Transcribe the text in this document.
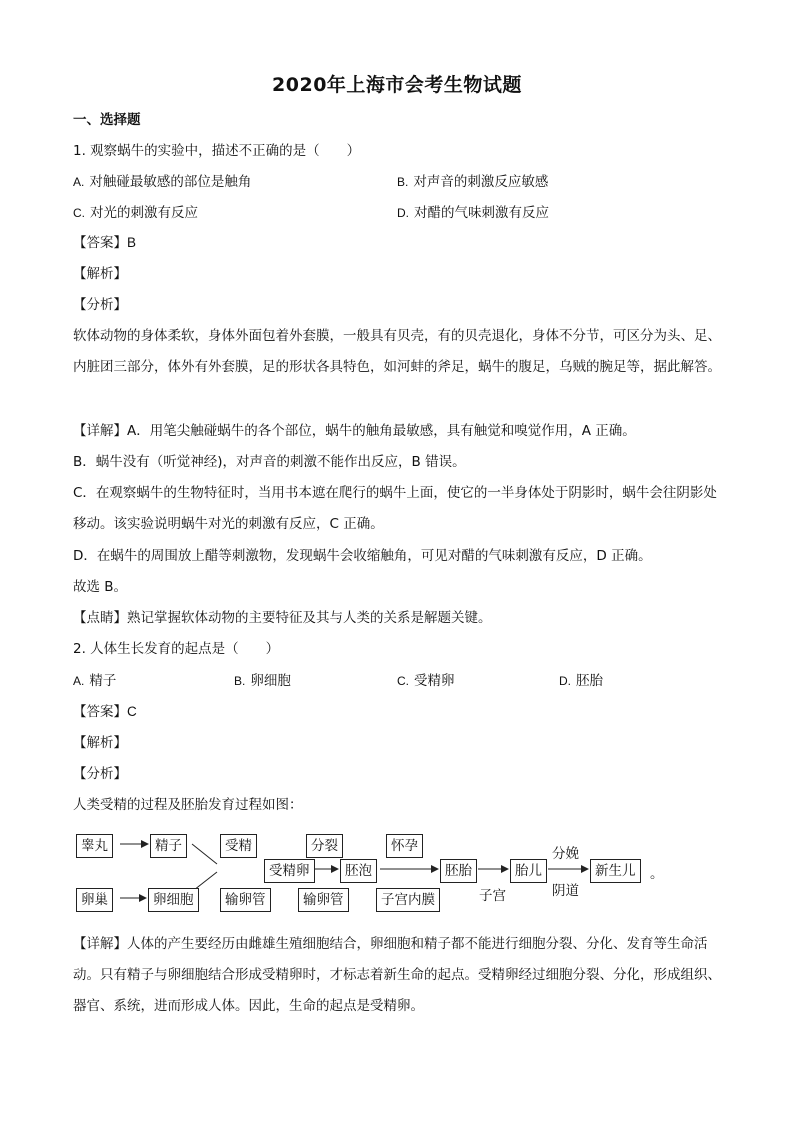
2020年上海市会考生物试题
一、选择题
1. 观察蜗牛的实验中，描述不正确的是（　　）
A. 对触碰最敏感的部位是触角	B. 对声音的刺激反应敏感
C. 对光的刺激有反应	D. 对醋的气味刺激有反应
【答案】B
【解析】
【分析】
软体动物的身体柔软，身体外面包着外套膜，一般具有贝壳，有的贝壳退化，身体不分节，可区分为头、足、内脏团三部分，体外有外套膜，足的形状各具特色，如河蚌的斧足，蜗牛的腹足，乌贼的腕足等，据此解答。
【详解】A．用笔尖触碰蜗牛的各个部位，蜗牛的触角最敏感，具有触觉和嗅觉作用，A 正确。
B．蜗牛没有（听觉神经)，对声音的刺激不能作出反应，B 错误。
C．在观察蜗牛的生物特征时，当用书本遮在爬行的蜗牛上面，使它的一半身体处于阴影时，蜗牛会往阴影处移动。该实验说明蜗牛对光的刺激有反应，C 正确。
D．在蜗牛的周围放上醋等刺激物，发现蜗牛会收缩触角，可见对醋的气味刺激有反应，D 正确。
故选 B。
【点睛】熟记掌握软体动物的主要特征及其与人类的关系是解题关键。
2. 人体生长发育的起点是（　　）
A. 精子	B. 卵细胞	C. 受精卵	D. 胚胎
【答案】C
【解析】
【分析】
人类受精的过程及胚胎发育过程如图：
睾丸	精子
卵巢	卵细胞
受精
受精卵
输卵管
分裂
胚泡
输卵管
怀孕
子宫内膜
胚胎
子宫
胎儿
分娩
阴道
新生儿	。
【详解】人体的产生要经历由雌雄生殖细胞结合，卵细胞和精子都不能进行细胞分裂、分化、发育等生命活动。只有精子与卵细胞结合形成受精卵时，才标志着新生命的起点。受精卵经过细胞分裂、分化，形成组织、器官、系统，进而形成人体。因此，生命的起点是受精卵。
